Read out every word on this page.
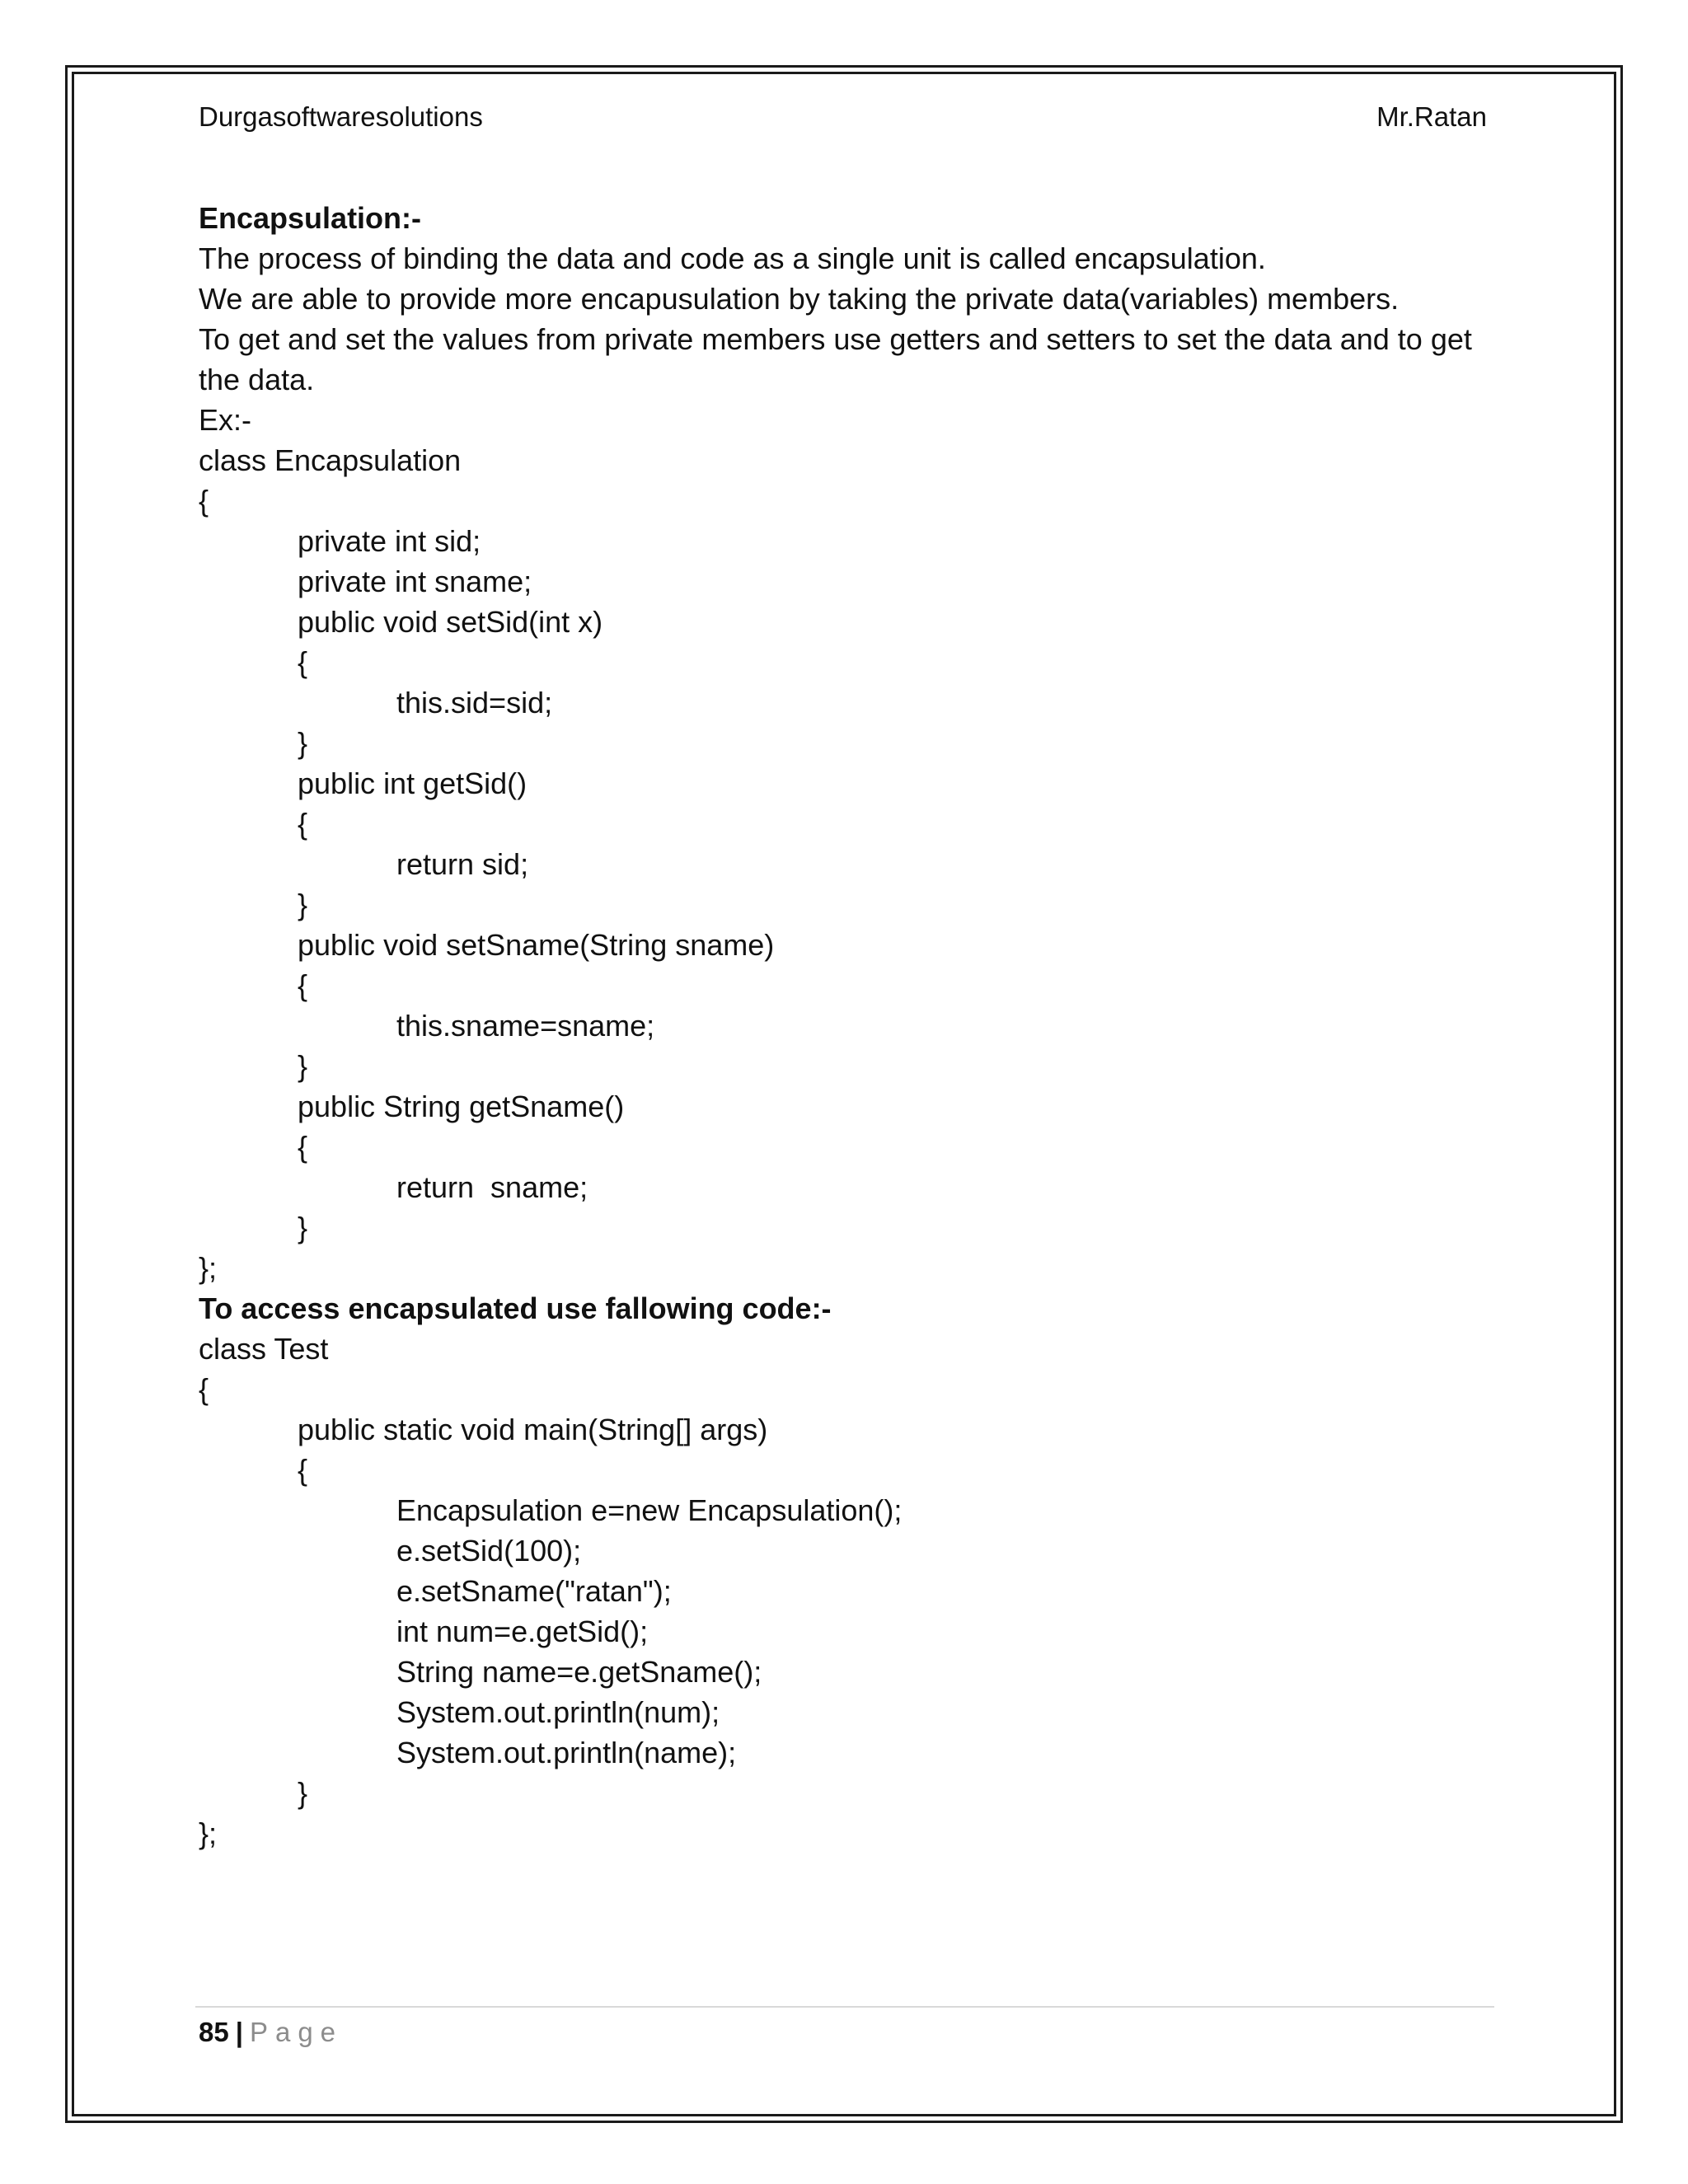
Durgasoftwaresolutions	Mr.Ratan
Encapsulation:-
The process of binding the data and code as a single unit is called encapsulation.
We are able to provide more encapusulation by taking the private data(variables) members.
To get and set the values from private members use getters and setters to set the data and to get the data.
Ex:-
class Encapsulation
{
private int sid;
private int sname;
public void setSid(int x)
{
this.sid=sid;
}
public int getSid()
{
return sid;
}
public void setSname(String sname)
{
this.sname=sname;
}
public String getSname()
{
return  sname;
}
};
To access encapsulated use fallowing code:-
class Test
{
public static void main(String[] args)
{
Encapsulation e=new Encapsulation();
e.setSid(100);
e.setSname("ratan");
int num=e.getSid();
String name=e.getSname();
System.out.println(num);
System.out.println(name);
}
};
85 | Page
